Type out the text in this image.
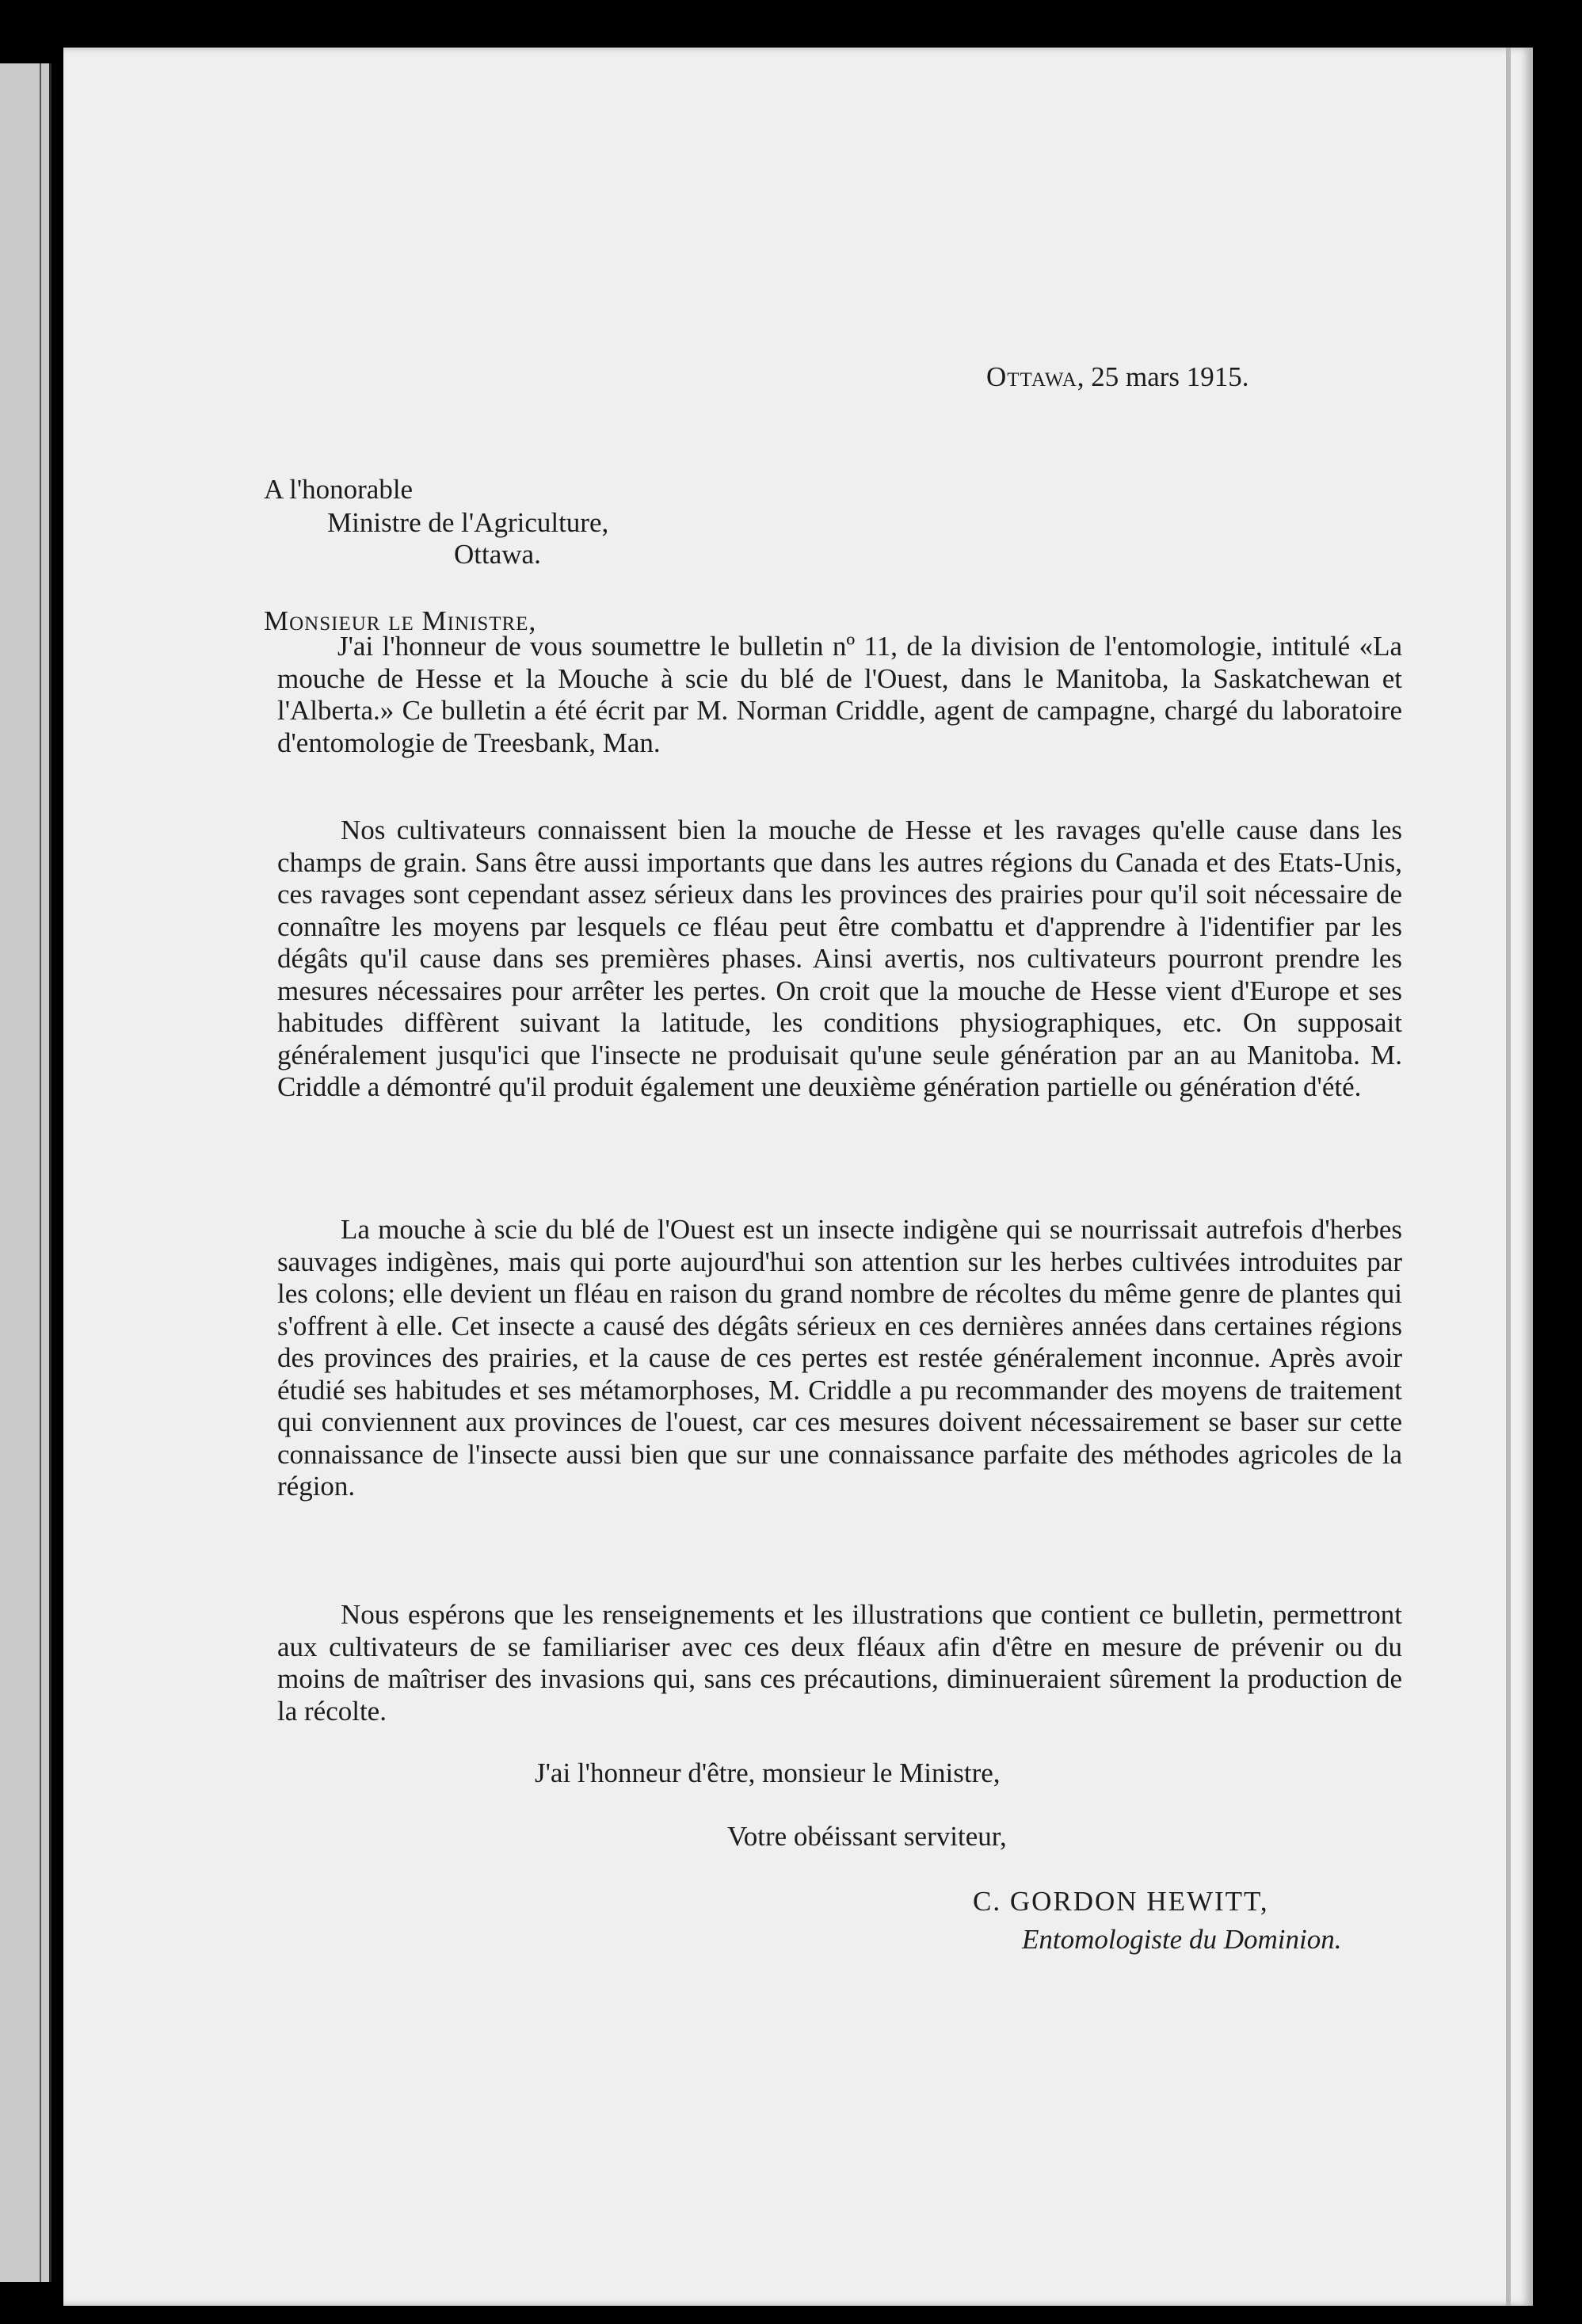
Ottawa, 25 mars 1915.
A l'honorable
Ministre de l'Agriculture,
Ottawa.
Monsieur le Ministre,
J'ai l'honneur de vous soumettre le bulletin nº 11, de la division de l'entomologie, intitulé «La mouche de Hesse et la Mouche à scie du blé de l'Ouest, dans le Manitoba, la Saskatchewan et l'Alberta.» Ce bulletin a été écrit par M. Norman Criddle, agent de campagne, chargé du laboratoire d'entomologie de Treesbank, Man.
Nos cultivateurs connaissent bien la mouche de Hesse et les ravages qu'elle cause dans les champs de grain. Sans être aussi importants que dans les autres régions du Canada et des Etats-Unis, ces ravages sont cependant assez sérieux dans les provinces des prairies pour qu'il soit nécessaire de connaître les moyens par lesquels ce fléau peut être combattu et d'apprendre à l'identifier par les dégâts qu'il cause dans ses premières phases. Ainsi avertis, nos cultivateurs pourront prendre les mesures nécessaires pour arrêter les pertes. On croit que la mouche de Hesse vient d'Europe et ses habitudes diffèrent suivant la latitude, les conditions physiographiques, etc. On supposait généralement jusqu'ici que l'insecte ne produisait qu'une seule génération par an au Manitoba. M. Criddle a démontré qu'il produit également une deuxième génération partielle ou génération d'été.
La mouche à scie du blé de l'Ouest est un insecte indigène qui se nourrissait autrefois d'herbes sauvages indigènes, mais qui porte aujourd'hui son attention sur les herbes cultivées introduites par les colons; elle devient un fléau en raison du grand nombre de récoltes du même genre de plantes qui s'offrent à elle. Cet insecte a causé des dégâts sérieux en ces dernières années dans certaines régions des provinces des prairies, et la cause de ces pertes est restée généralement inconnue. Après avoir étudié ses habitudes et ses métamorphoses, M. Criddle a pu recommander des moyens de traitement qui conviennent aux provinces de l'ouest, car ces mesures doivent nécessairement se baser sur cette connaissance de l'insecte aussi bien que sur une connaissance parfaite des méthodes agricoles de la région.
Nous espérons que les renseignements et les illustrations que contient ce bulletin, permettront aux cultivateurs de se familiariser avec ces deux fléaux afin d'être en mesure de prévenir ou du moins de maîtriser des invasions qui, sans ces précautions, diminueraient sûrement la production de la récolte.
J'ai l'honneur d'être, monsieur le Ministre,
Votre obéissant serviteur,
C. GORDON HEWITT,
Entomologiste du Dominion.
